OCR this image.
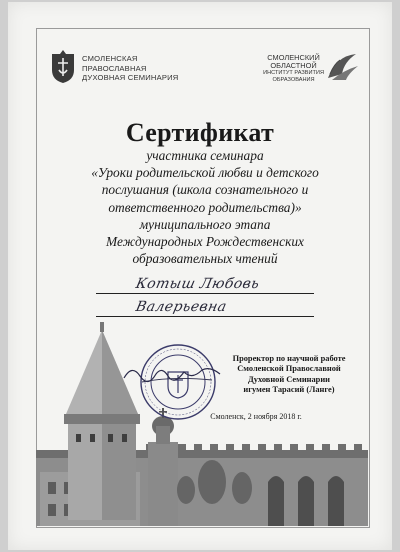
СМОЛЕНСКАЯ
ПРАВОСЛАВНАЯ
ДУХОВНАЯ СЕМИНАРИЯ
СМОЛЕНСКИЙ
ОБЛАСТНОЙ
ИНСТИТУТ РАЗВИТИЯ
ОБРАЗОВАНИЯ
Сертификат
участника семинара
«Уроки родительской любви и детского
послушания (школа сознательного и
ответственного родительства)»
муниципального этапа
Международных Рождественских
образовательных чтений
Котыш Любовь
Валерьевна
Проректор по научной работе
Смоленской Православной
Духовной Семинарии
игумен Тарасий (Ланге)
Смоленск, 2 ноября 2018 г.
